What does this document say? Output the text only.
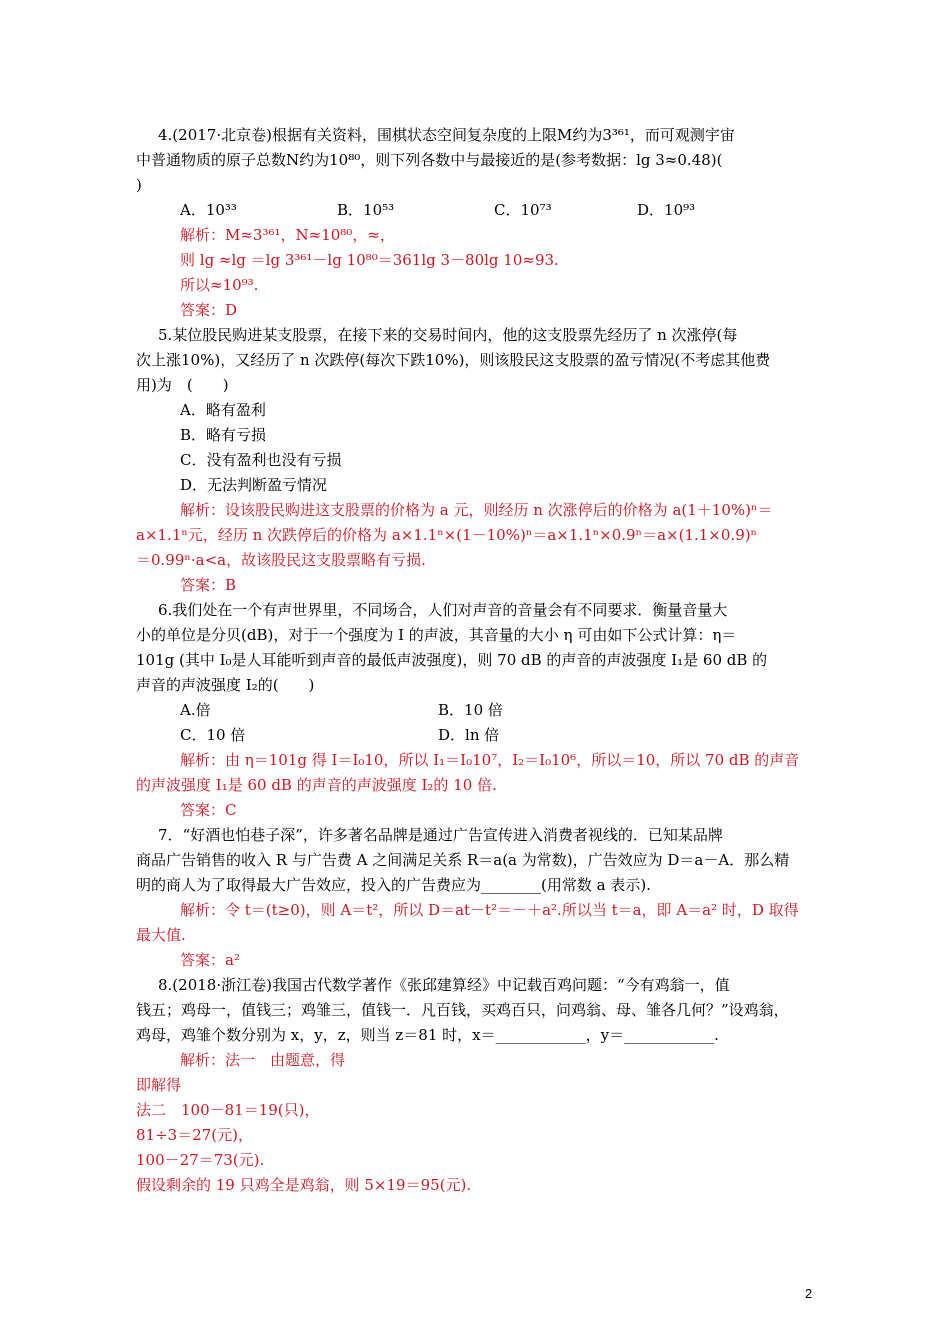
4.(2017·北京卷)根据有关资料，围棋状态空间复杂度的上限M约为3³⁶¹，而可观测宇宙
中普通物质的原子总数N约为10⁸⁰，则下列各数中与最接近的是(参考数据：lg 3≈0.48)(
)
A．10³³	B．10⁵³	C．10⁷³	D．10⁹³
解析：M≈3³⁶¹，N≈10⁸⁰，≈，
则 lg ≈lg ＝lg 3³⁶¹－lg 10⁸⁰＝361lg 3－80lg 10≈93.
所以≈10⁹³.
答案：D
5.某位股民购进某支股票，在接下来的交易时间内，他的这支股票先经历了 n 次涨停(每
次上涨10%)，又经历了 n 次跌停(每次下跌10%)，则该股民这支股票的盈亏情况(不考虑其他费
用)为　(　　)
A．略有盈利
B．略有亏损
C．没有盈利也没有亏损
D．无法判断盈亏情况
解析：设该股民购进这支股票的价格为 a 元，则经历 n 次涨停后的价格为 a(1＋10%)ⁿ＝
a×1.1ⁿ元，经历 n 次跌停后的价格为 a×1.1ⁿ×(1－10%)ⁿ＝a×1.1ⁿ×0.9ⁿ＝a×(1.1×0.9)ⁿ
＝0.99ⁿ·a<a，故该股民这支股票略有亏损.
答案：B
6.我们处在一个有声世界里，不同场合，人们对声音的音量会有不同要求．衡量音量大
小的单位是分贝(dB)，对于一个强度为 I 的声波，其音量的大小 η 可由如下公式计算：η＝
101g (其中 I₀是人耳能听到声音的最低声波强度)，则 70 dB 的声音的声波强度 I₁是 60 dB 的
声音的声波强度 I₂的(　　)
A.倍	B．10 倍
C．10 倍	D．ln 倍
解析：由 η＝101g 得 I＝I₀10，所以 I₁＝I₀10⁷，I₂＝I₀10⁶，所以＝10，所以 70 dB 的声音
的声波强度 I₁是 60 dB 的声音的声波强度 I₂的 10 倍.
答案：C
7．“好酒也怕巷子深”，许多著名品牌是通过广告宣传进入消费者视线的．已知某品牌
商品广告销售的收入 R 与广告费 A 之间满足关系 R＝a(a 为常数)，广告效应为 D＝a－A．那么精
明的商人为了取得最大广告效应，投入的广告费应为________(用常数 a 表示).
解析：令 t＝(t≥0)，则 A＝t²，所以 D＝at－t²＝－＋a².所以当 t＝a，即 A＝a² 时，D 取得
最大值.
答案：a²
8.(2018·浙江卷)我国古代数学著作《张邱建算经》中记载百鸡问题：“今有鸡翁一，值
钱五；鸡母一，值钱三；鸡雏三，值钱一．凡百钱，买鸡百只，问鸡翁、母、雏各几何？”设鸡翁，
鸡母，鸡雏个数分别为 x，y，z，则当 z＝81 时，x＝____________，y＝____________.
解析：法一　由题意，得
即解得
法二　100－81＝19(只)，
81÷3＝27(元)，
100－27＝73(元).
假设剩余的 19 只鸡全是鸡翁，则 5×19＝95(元).
2
